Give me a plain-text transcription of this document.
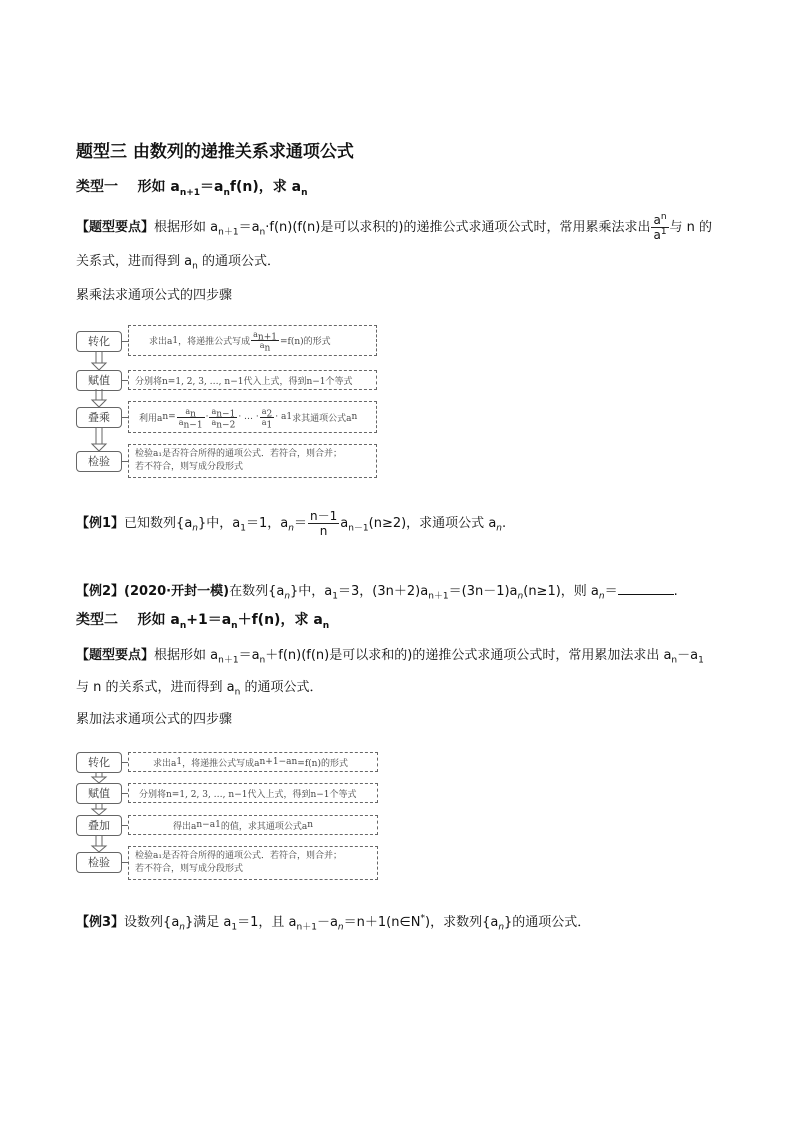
题型三 由数列的递推关系求通项公式
类型一 形如 $a_{n+1}=a_nf(n)$，求 $a_n$
【题型要点】根据形如 $a_{n+1}=a_n\cdot f(n)(f(n)$是可以求积的)的递推公式求通项公式时，常用累乘法求出 $\frac{a^n}{a^1}$ 与 n 的
关系式，进而得到 $a_n$ 的通项公式．
累乘法求通项公式的四步骤
转化
赋值
叠乘
检验
求出a 1 ，将递推公式写成 $\frac{a_{n+1}}{a_n} =f(n)$的形式
分别将n=1, 2, 3, …, n−1代入上式，得到n−1个等式
利用a $n = \frac{a_n}{a_{n-1}} \cdot \frac{a_{n-1}}{a_{n-2}}$ · … · $\frac{a_2}{a_1} \cdot a$ 1 求其通项公式a n
检验a₁是否符合所得的通项公式．若符合，则合并；
若不符合，则写成分段形式
【例1】已知数列$\{a_n\}$中，$a_1=1$，$a_n= \frac{n-1}{n} a_{n-1}(n\ge 2)$，求通项公式 $a_n$.
【例2】(2020·开封一模)在数列$\{a_n\}$中，$a_1=3$，$(3n+2)a_{n+1}=(3n-1)a_n(n\ge 1)$，则 $a_n=$	.
类型二 形如 $a_n+1=a_n+f(n)$，求 $a_n$
【题型要点】根据形如 $a_{n+1}=a_n+f(n)(f(n)$是可以求和的)的递推公式求通项公式时，常用累加法求出 $a_n-a_1$
与 n 的关系式，进而得到 $a_n$ 的通项公式．
累加法求通项公式的四步骤
转化
赋值
叠加
检验
求出a 1 ，将递推公式写成a n+1 −a n =f(n)的形式
分别将n=1, 2, 3, …, n−1代入上式，得到n−1个等式
得出a n −a 1 的值，求其通项公式a n
检验a₁是否符合所得的通项公式．若符合，则合并；
若不符合，则写成分段形式
【例3】设数列$\{a_n\}$满足 $a_1=1$，且 $a_{n+1}-a_n=n+1(n\in N^*)$，求数列$\{a_n\}$的通项公式．
